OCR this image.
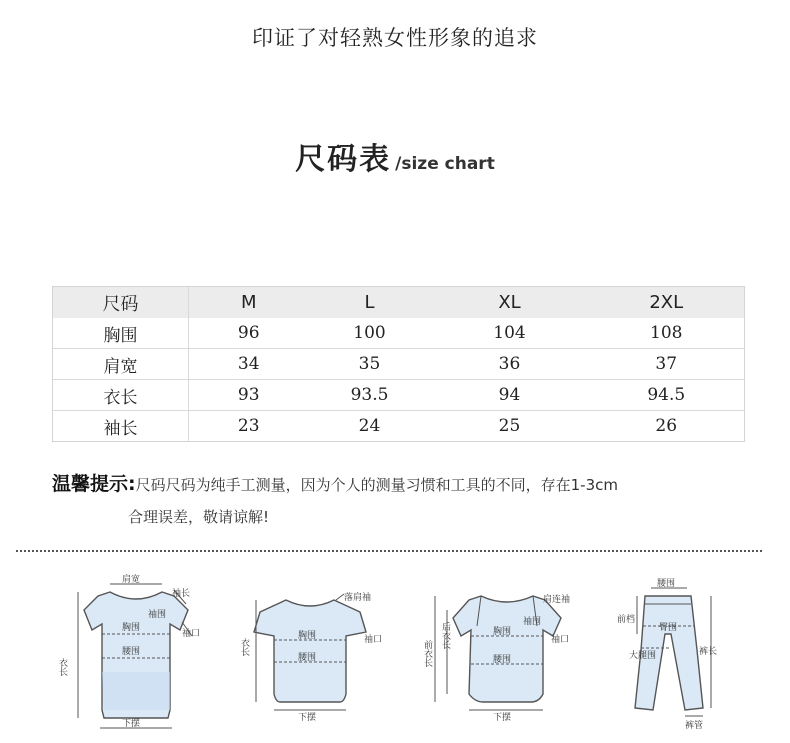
印证了对轻熟女性形象的追求
尺码表 /size chart
尺码	M	L	XL	2XL
胸围	96	100	104	108
肩宽	34	35	36	37
衣长	93	93.5	94	94.5
袖长	23	24	25	26
温馨提示:尺码尺码为纯手工测量，因为个人的测量习惯和工具的不同，存在1-3cm
合理误差，敬请谅解!
肩宽
袖长
袖围
胸围
袖口
腰围
衣长
下摆
落肩袖
衣长
胸围	袖口
腰围
下摆
肩连袖
后衣长
前衣长
胸围
袖围
袖口
腰围
下摆
腰围
前档
臀围
大腿围	裤长
裤管
